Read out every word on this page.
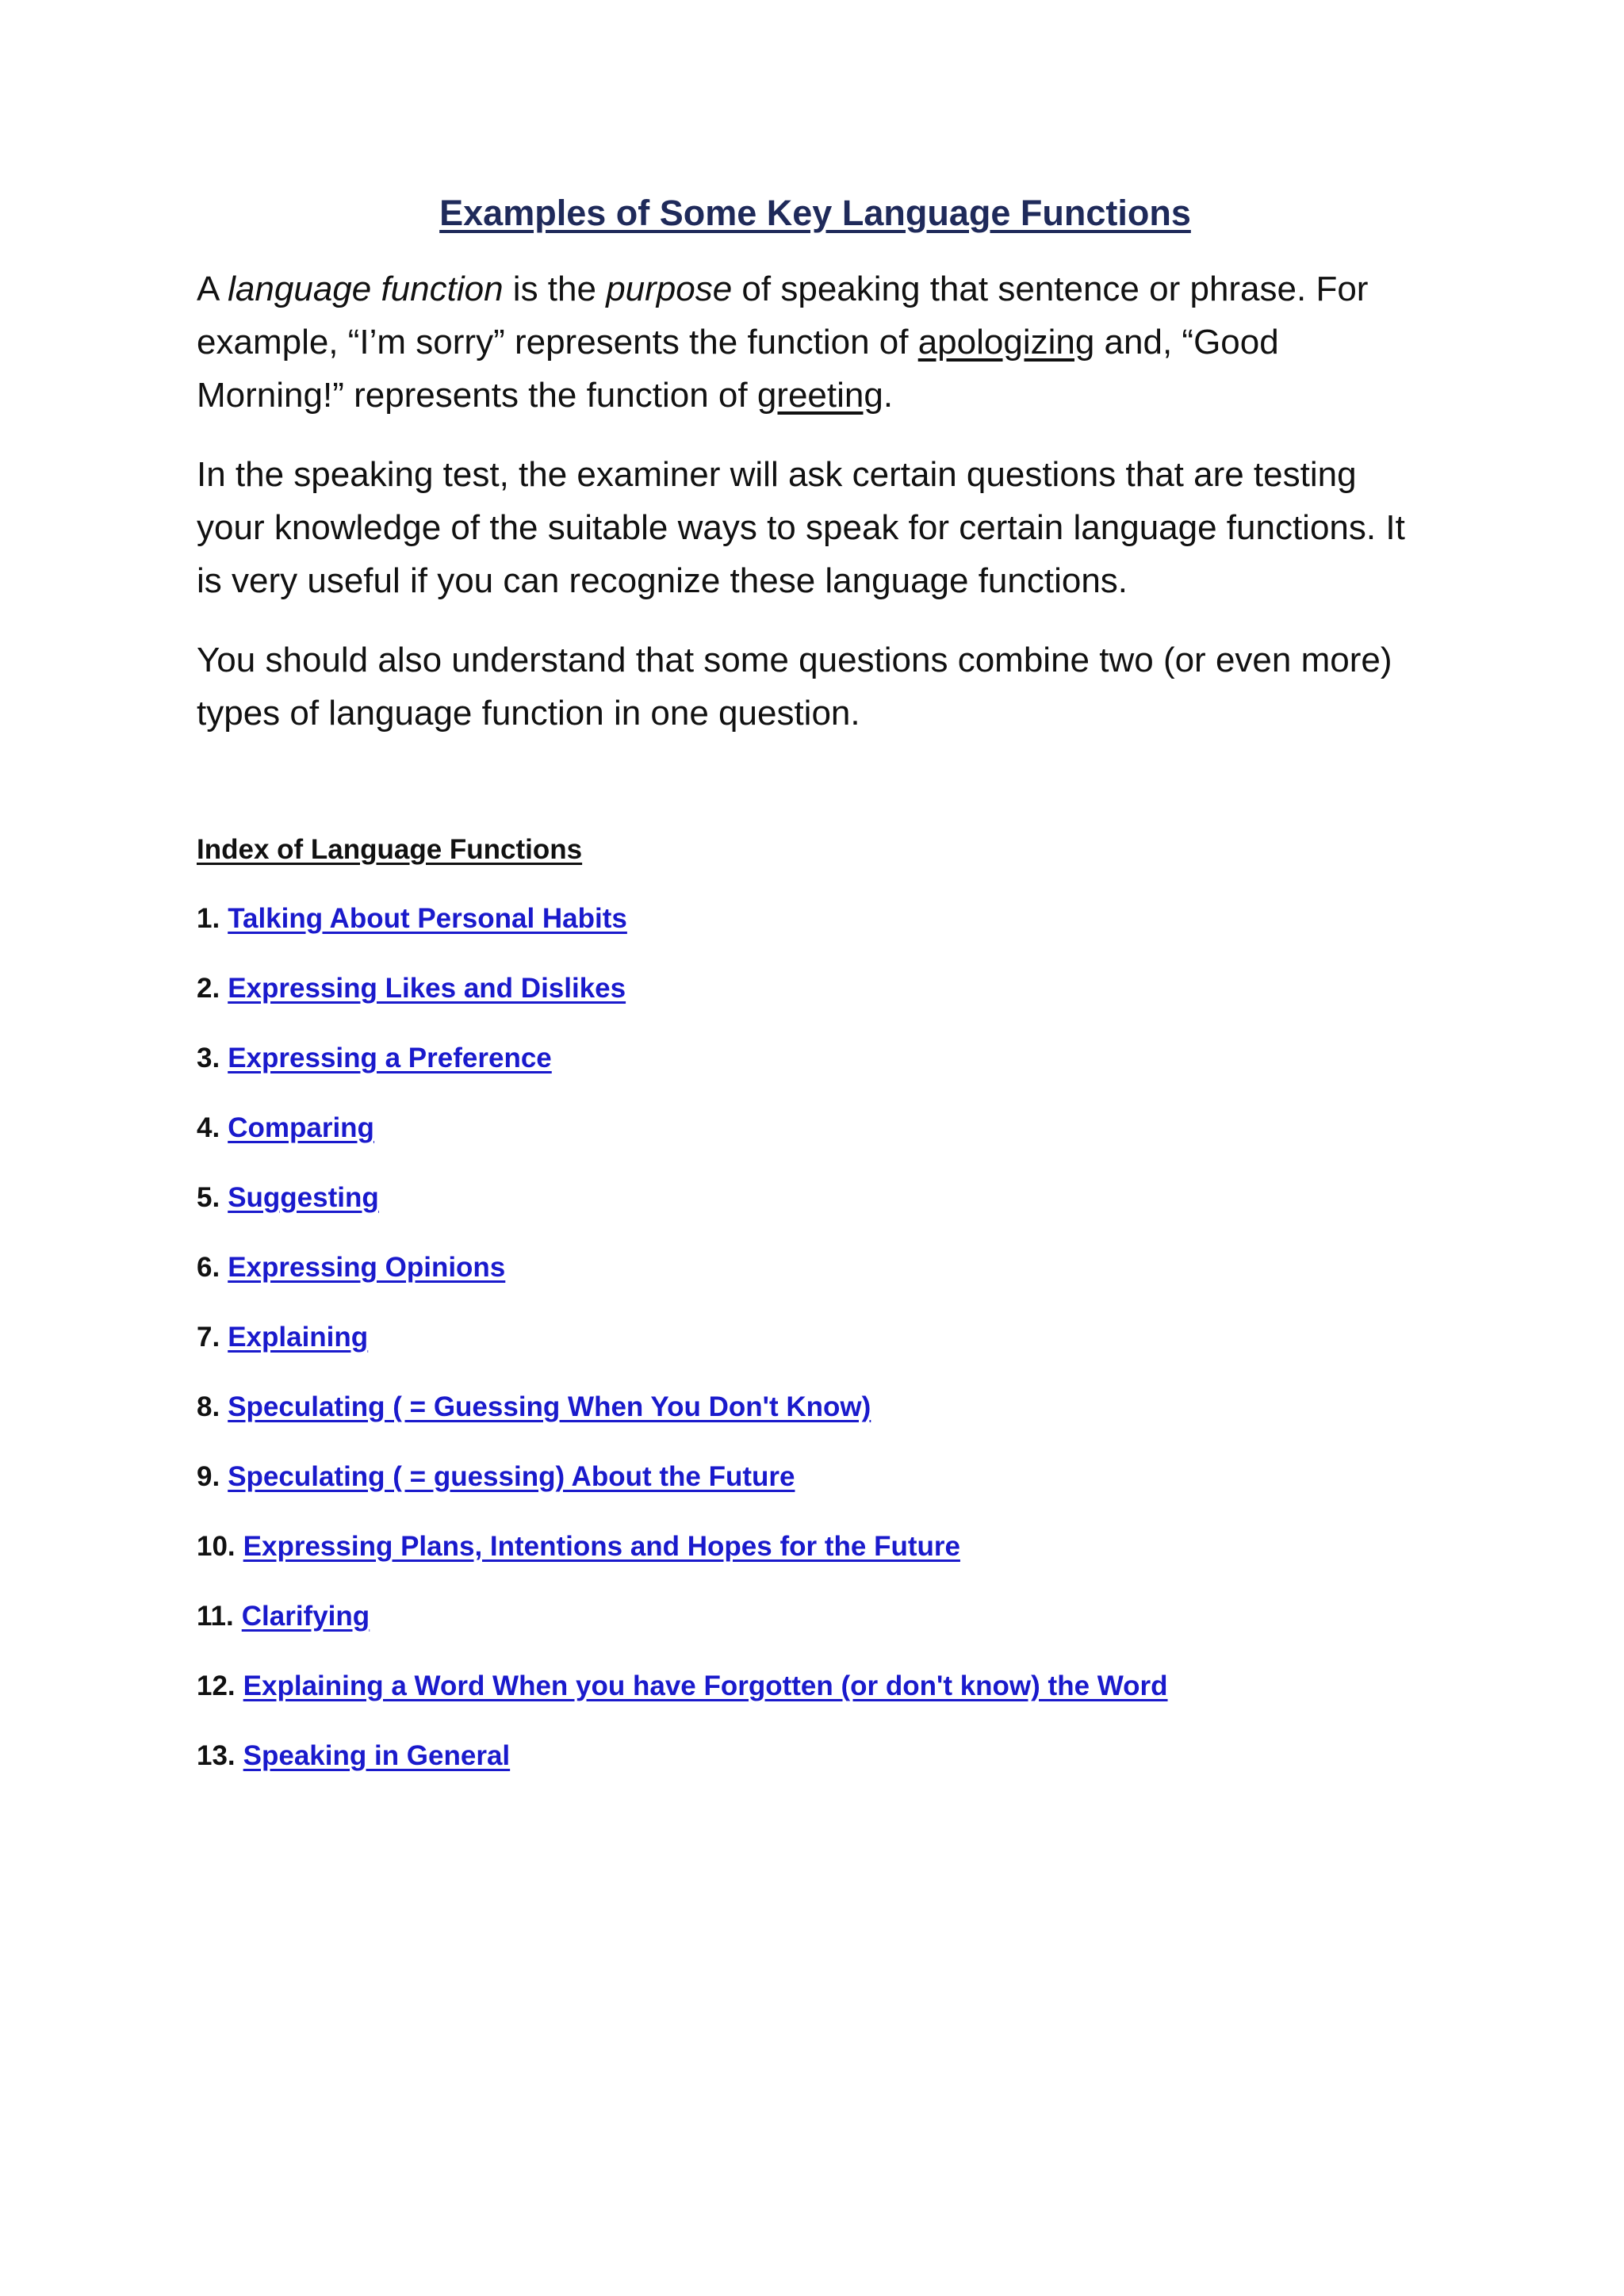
Examples of Some Key Language Functions

A language function is the purpose of speaking that sentence or phrase. For example, “I’m sorry” represents the function of apologizing and, “Good Morning!” represents the function of greeting.

In the speaking test, the examiner will ask certain questions that are testing your knowledge of the suitable ways to speak for certain language functions. It is very useful if you can recognize these language functions.

You should also understand that some questions combine two (or even more) types of language function in one question.

Index of Language Functions
1. Talking About Personal Habits
2. Expressing Likes and Dislikes
3. Expressing a Preference
4. Comparing
5. Suggesting
6. Expressing Opinions
7. Explaining
8. Speculating ( = Guessing When You Don't Know)
9. Speculating ( = guessing) About the Future
10. Expressing Plans, Intentions and Hopes for the Future
11. Clarifying
12. Explaining a Word When you have Forgotten (or don't know) the Word
13. Speaking in General
